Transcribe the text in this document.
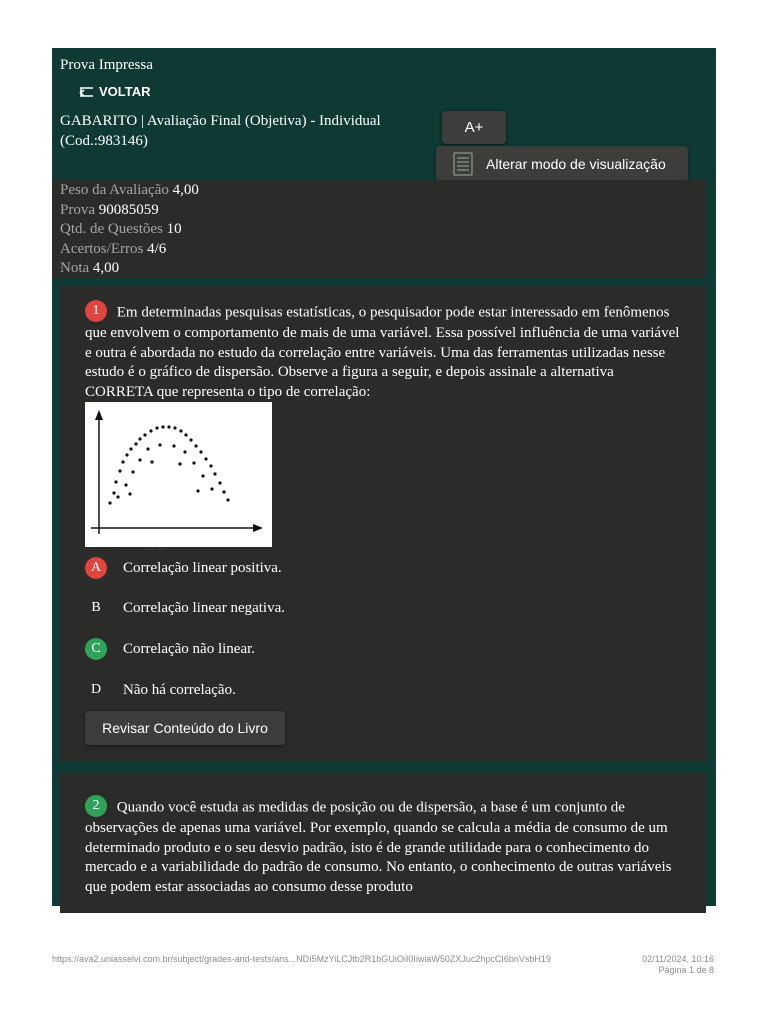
Prova Impressa
VOLTAR
GABARITO | Avaliação Final (Objetiva) - Individual (Cod.:983146)
A+
Alterar modo de visualização
Peso da Avaliação 4,00
Prova 90085059
Qtd. de Questões 10
Acertos/Erros 4/6
Nota 4,00
1 Em determinadas pesquisas estatísticas, o pesquisador pode estar interessado em fenômenos que envolvem o comportamento de mais de uma variável. Essa possível influência de uma variável e outra é abordada no estudo da correlação entre variáveis. Uma das ferramentas utilizadas nesse estudo é o gráfico de dispersão. Observe a figura a seguir, e depois assinale a alternativa CORRETA que representa o tipo de correlação:
···· ···
A	Correlação linear positiva.
B	Correlação linear negativa.
C	Correlação não linear.
D	Não há correlação.
Revisar Conteúdo do Livro
2 Quando você estuda as medidas de posição ou de dispersão, a base é um conjunto de observações de apenas uma variável. Por exemplo, quando se calcula a média de consumo de um determinado produto e o seu desvio padrão, isto é de grande utilidade para o conhecimento do mercado e a variabilidade do padrão de consumo. No entanto, o conhecimento de outras variáveis que podem estar associadas ao consumo desse produto
https://ava2.uniasselvi.com.br/subject/grades-and-tests/ans...NDI5MzYiLCJtb2R1bGUiOiI0IiwiaW50ZXJuc2hpcCI6bnVsbH19	02/11/2024, 10:16
Página 1 de 8
